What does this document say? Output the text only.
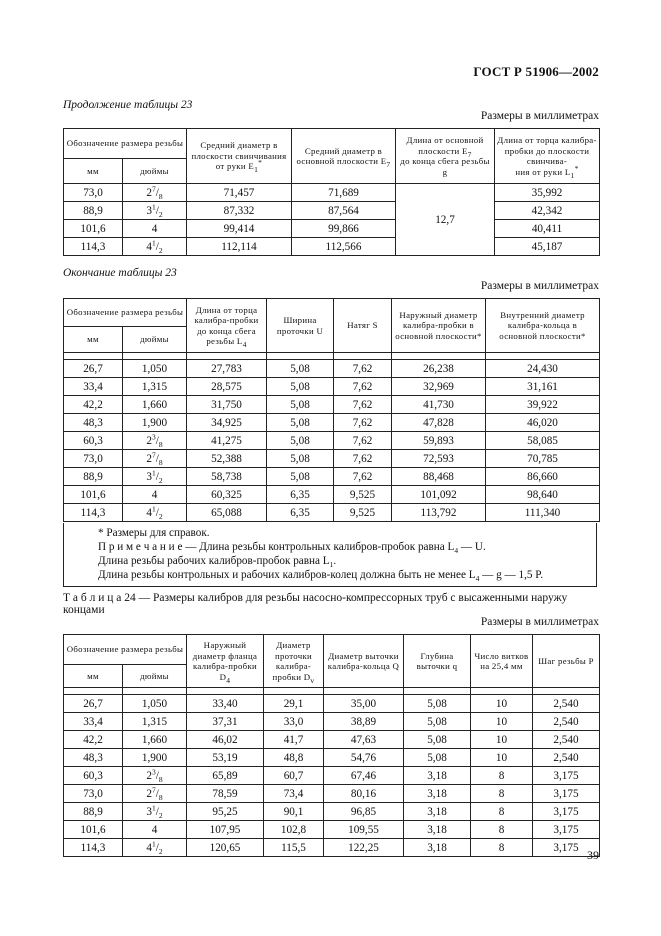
ГОСТ Р 51906—2002
Продолжение таблицы 23
Размеры в миллиметрах
Обозначение размера резьбы		Средний диаметр в плоскости свинчивания
от руки $E_1^*$	Средний диаметр в основной плоскости $E_7$	Длина от основной плоскости $E_7$
до конца сбега резьбы g	Длина от торца калибра-пробки до плоскости свинчива-
ния от руки $L_1^*$
мм	дюймы				
73,0	$2^7/_8$	71,457	71,689	12,7	35,992
88,9	$3^1/_2$	87,332	87,564		42,342
101,6	4	99,414	99,866		40,411
114,3	$4^1/_2$	112,114	112,566		45,187
Окончание таблицы 23
Размеры в миллиметрах
Обозначение размера резьбы		Длина от торца калибра-пробки до конца сбега резьбы $L_4$	Ширина проточки U	Натяг S	Наружный диаметр калибра-пробки в основной плоскости*	Внутренний диаметр калибра-кольца в основной плоскости*
мм	дюймы					

26,7	1,050	27,783	5,08	7,62	26,238	24,430
33,4	1,315	28,575	5,08	7,62	32,969	31,161
42,2	1,660	31,750	5,08	7,62	41,730	39,922
48,3	1,900	34,925	5,08	7,62	47,828	46,020
60,3	$2^3/_8$	41,275	5,08	7,62	59,893	58,085
73,0	$2^7/_8$	52,388	5,08	7,62	72,593	70,785
88,9	$3^1/_2$	58,738	5,08	7,62	88,468	86,660
101,6	4	60,325	6,35	9,525	101,092	98,640
114,3	$4^1/_2$	65,088	6,35	9,525	113,792	111,340
* Размеры для справок.
П р и м е ч а н и е — Длина резьбы контрольных калибров-пробок равна $L_4$ — U.
Длина резьбы рабочих калибров-пробок равна $L_1$.
Длина резьбы контрольных и рабочих калибров-колец должна быть не менее $L_4$ — g — 1,5 P.
Т а б л и ц а 24 — Размеры калибров для резьбы насосно-компрессорных труб с высаженными наружу концами
Размеры в миллиметрах
Обозначение размера резьбы		Наружный диаметр фланца калибра-пробки $D_4$	Диаметр проточки калибра-пробки $D_v$	Диаметр выточки калибра-кольца Q	Глубина выточки q	Число витков на 25,4 мм	Шаг резьбы P
мм	дюймы						

26,7	1,050	33,40	29,1	35,00	5,08	10	2,540
33,4	1,315	37,31	33,0	38,89	5,08	10	2,540
42,2	1,660	46,02	41,7	47,63	5,08	10	2,540
48,3	1,900	53,19	48,8	54,76	5,08	10	2,540
60,3	$2^3/_8$	65,89	60,7	67,46	3,18	8	3,175
73,0	$2^7/_8$	78,59	73,4	80,16	3,18	8	3,175
88,9	$3^1/_2$	95,25	90,1	96,85	3,18	8	3,175
101,6	4	107,95	102,8	109,55	3,18	8	3,175
114,3	$4^1/_2$	120,65	115,5	122,25	3,18	8	3,175
39
